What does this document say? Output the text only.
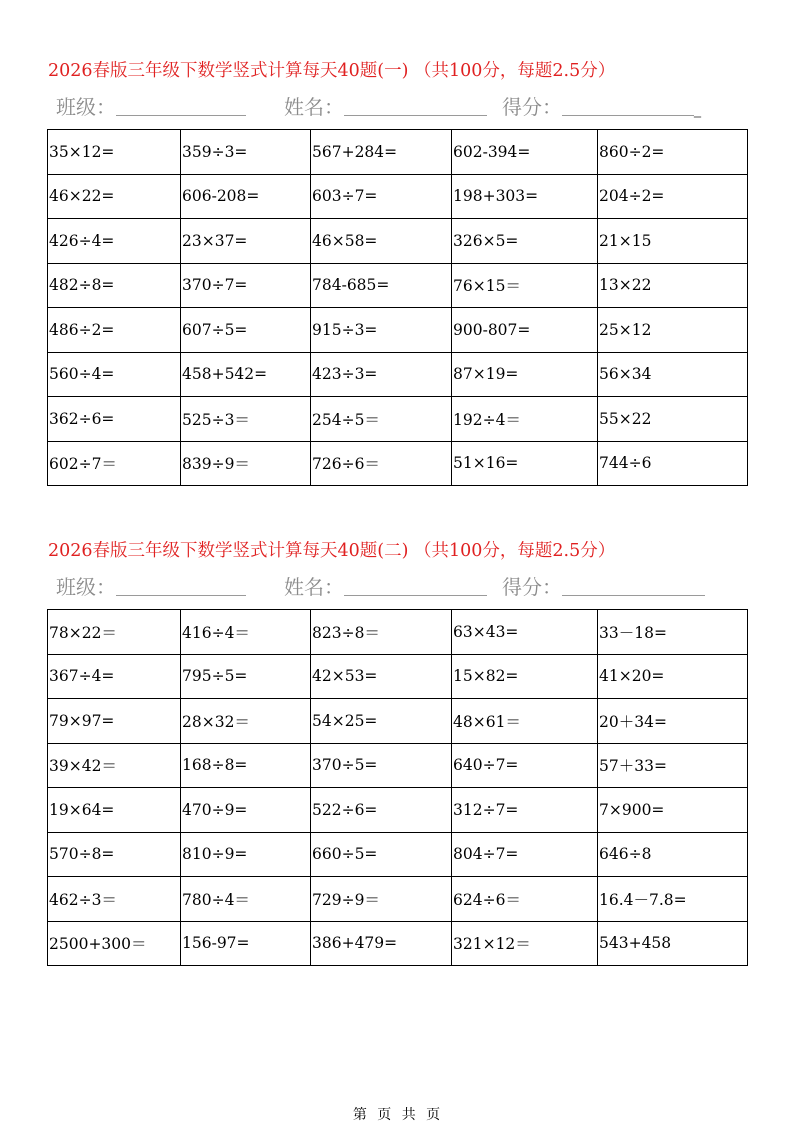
2026春版三年级下数学竖式计算每天40题(一) （共100分，每题2.5分）
班级：	姓名：	得分：	_
35×12=	359÷3=	567+284=	602-394=	860÷2=
46×22=	606-208=	603÷7=	198+303=	204÷2=
426÷4=	23×37=	46×58=	326×5=	21×15
482÷8=	370÷7=	784-685=	76×15＝	13×22
486÷2=	607÷5=	915÷3=	900-807=	25×12
560÷4=	458+542=	423÷3=	87×19=	56×34
362÷6=	525÷3＝	254÷5＝	192÷4＝	55×22
602÷7＝	839÷9＝	726÷6＝	51×16=	744÷6
2026春版三年级下数学竖式计算每天40题(二) （共100分，每题2.5分）
班级：	姓名：	得分：
78×22＝	416÷4＝	823÷8＝	63×43=	33－18=
367÷4=	795÷5=	42×53=	15×82=	41×20=
79×97=	28×32＝	54×25=	48×61＝	20＋34=
39×42＝	168÷8=	370÷5=	640÷7=	57＋33=
19×64=	470÷9=	522÷6=	312÷7=	7×900=
570÷8=	810÷9=	660÷5=	804÷7=	646÷8
462÷3＝	780÷4＝	729÷9＝	624÷6＝	16.4－7.8=
2500+300＝	156-97=	386+479=	321×12＝	543+458
第 页 共 页
